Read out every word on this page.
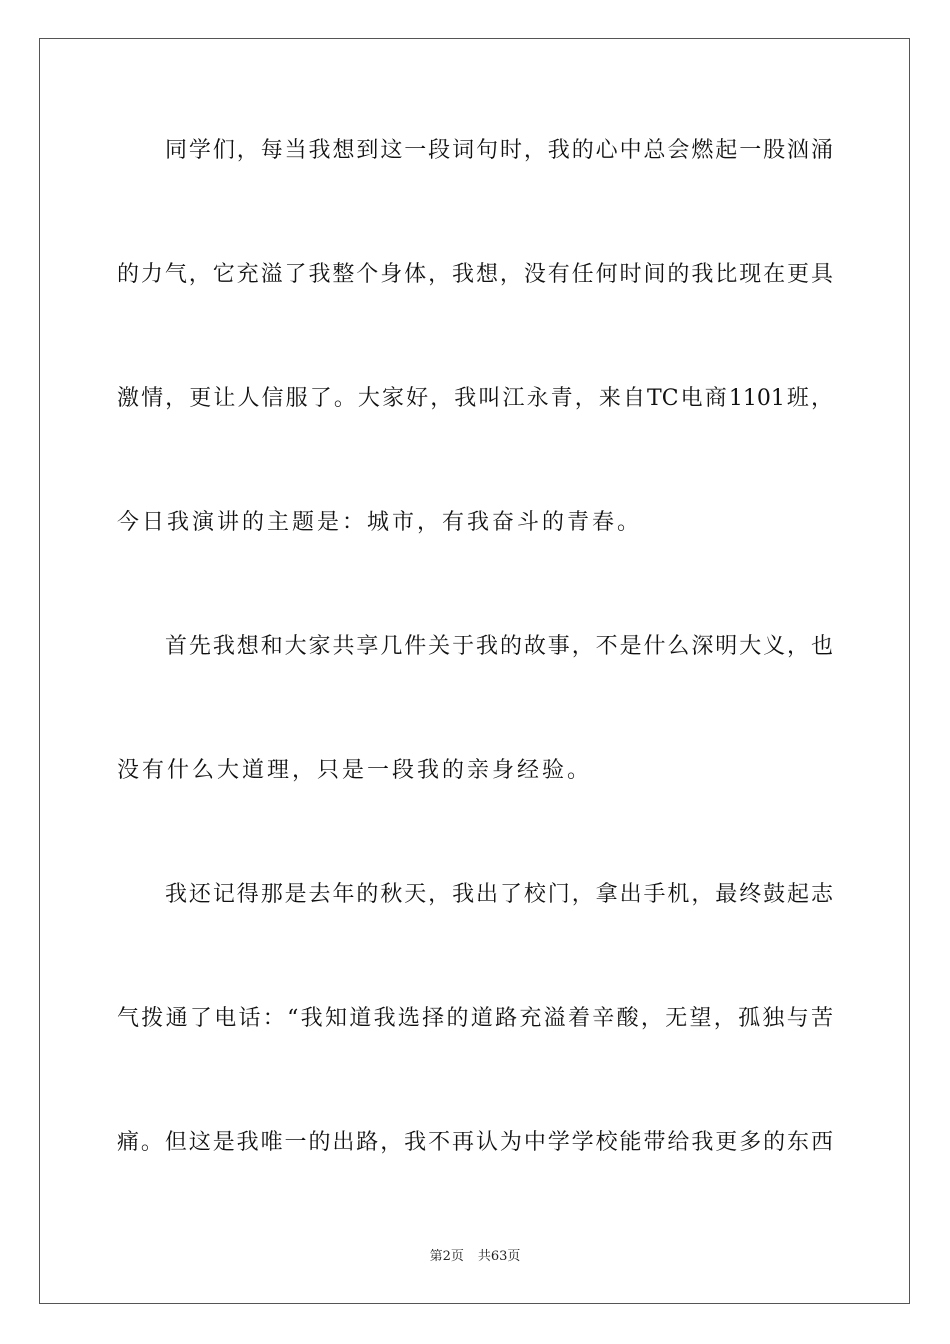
同学们，每当我想到这一段词句时，我的心中总会燃起一股汹涌
的力气，它充溢了我整个身体，我想，没有任何时间的我比现在更具
激情，更让人信服了。大家好，我叫江永青，来自TC电商1101班，
今日我演讲的主题是：城市，有我奋斗的青春。
首先我想和大家共享几件关于我的故事，不是什么深明大义，也
没有什么大道理，只是一段我的亲身经验。
我还记得那是去年的秋天，我出了校门，拿出手机，最终鼓起志
气拨通了电话：“我知道我选择的道路充溢着辛酸，无望，孤独与苦
痛。但这是我唯一的出路，我不再认为中学学校能带给我更多的东西
第2页 共63页
